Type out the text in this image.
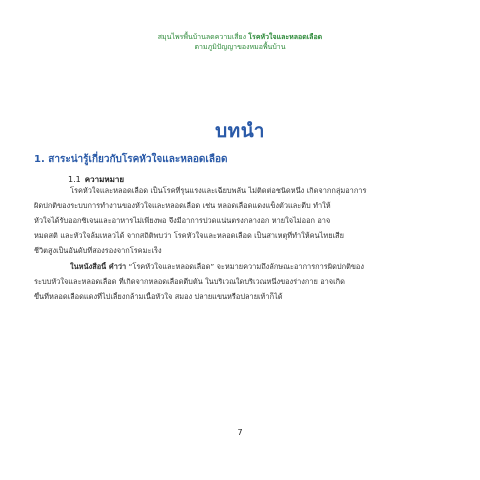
สมุนไพรพื้นบ้านลดความเสี่ยง โรคหัวใจและหลอดเลือด
ตามภูมิปัญญาของหมอพื้นบ้าน
บทนำ
1. สาระน่ารู้เกี่ยวกับโรคหัวใจและหลอดเลือด
1.1 ความหมาย
โรคหัวใจและหลอดเลือด เป็นโรคที่รุนแรงและเฉียบพลัน ไม่ติดต่อชนิดหนึ่ง เกิดจากกลุ่มอาการ
ผิดปกติของระบบการทำงานของหัวใจและหลอดเลือด เช่น หลอดเลือดแดงแข็งตัวและตีบ ทำให้
หัวใจได้รับออกซิเจนและอาหารไม่เพียงพอ จึงมีอาการปวดแน่นตรงกลางอก หายใจไม่ออก อาจ
หมดสติ และหัวใจล้มเหลวได้ จากสถิติพบว่า โรคหัวใจและหลอดเลือด เป็นสาเหตุที่ทำให้คนไทยเสีย
ชีวิตสูงเป็นอันดับที่สองรองจากโรคมะเร็ง
ในหนังสือนี้ คำว่า “โรคหัวใจและหลอดเลือด” จะหมายความถึงลักษณะอาการการผิดปกติของ
ระบบหัวใจและหลอดเลือด ที่เกิดจากหลอดเลือดตีบตัน ในบริเวณใดบริเวณหนึ่งของร่างกาย อาจเกิด
ขึ้นที่หลอดเลือดแดงที่ไปเลี้ยงกล้ามเนื้อหัวใจ สมอง ปลายแขนหรือปลายเท้าก็ได้
7
